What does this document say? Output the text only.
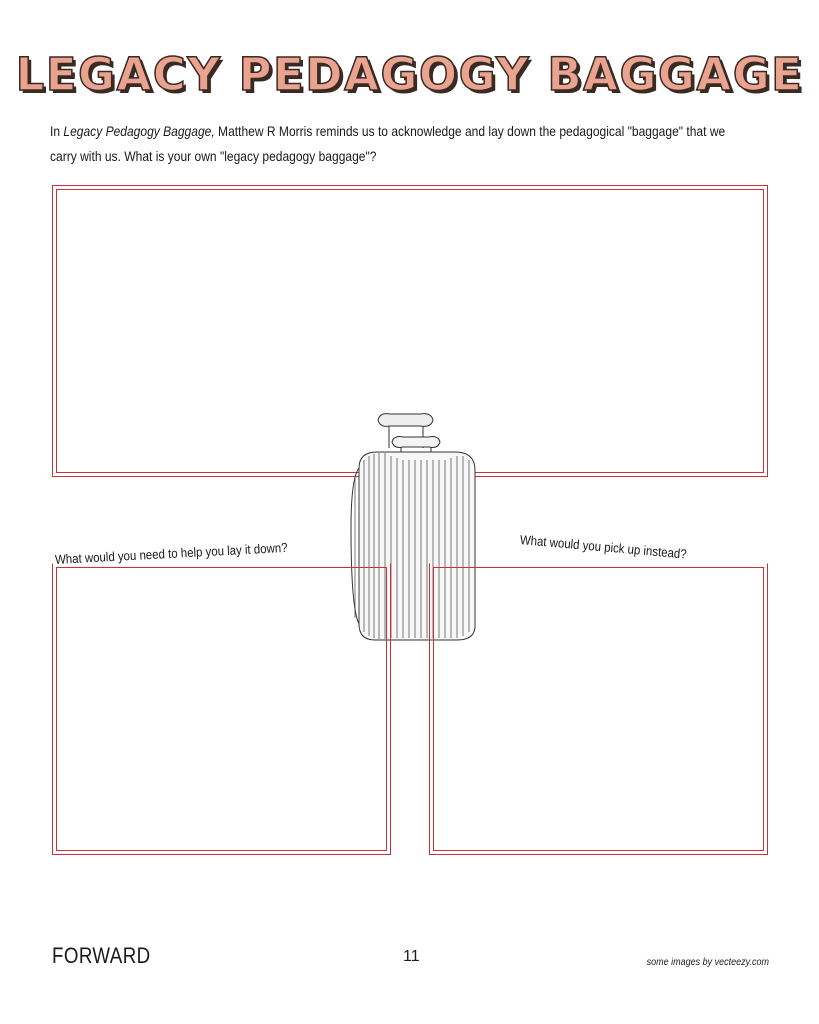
LEGACY PEDAGOGY BAGGAGE
In Legacy Pedagogy Baggage, Matthew R Morris reminds us to acknowledge and lay down the pedagogical "baggage" that we carry with us. What is your own "legacy pedagogy baggage"?
What would you need to help you lay it down?	What would you pick up instead?
FORWARD	11	some images by vecteezy.com
